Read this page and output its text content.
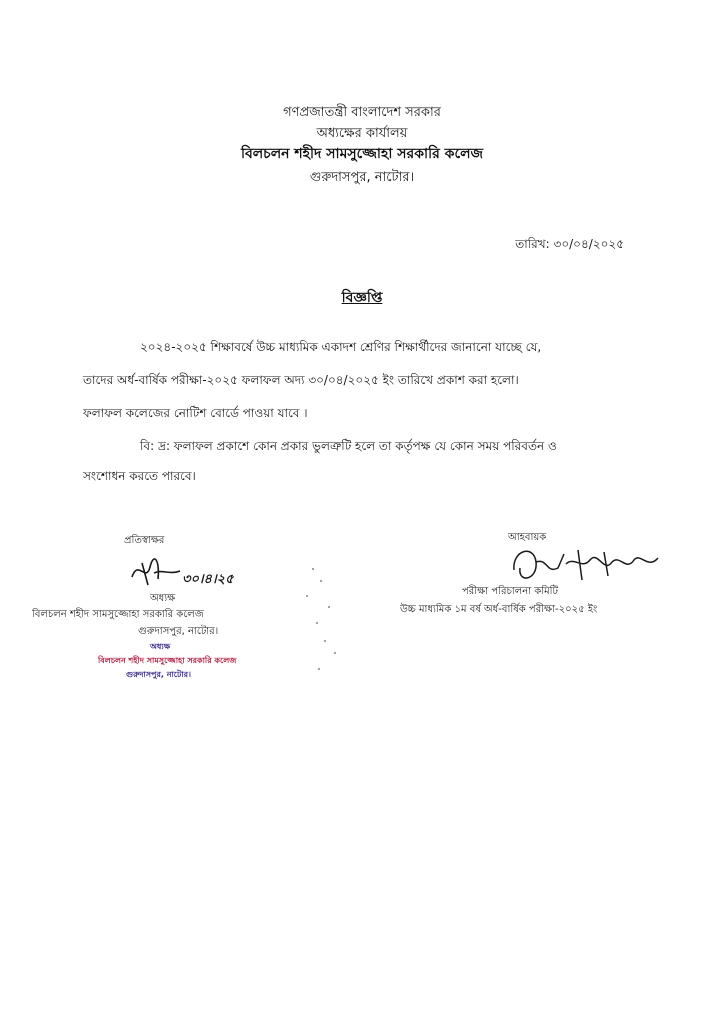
গণপ্রজাতন্ত্রী বাংলাদেশ সরকার
অধ্যক্ষের কার্যালয়
বিলচলন শহীদ সামসুজ্জোহা সরকারি কলেজ
গুরুদাসপুর, নাটোর।
তারিখ: ৩০/০৪/২০২৫
বিজ্ঞপ্তি
২০২৪-২০২৫ শিক্ষাবর্ষে উচ্চ মাধ্যমিক একাদশ শ্রেণির শিক্ষার্থীদের জানানো যাচ্ছে যে,
তাদের অর্ধ-বার্ষিক পরীক্ষা-২০২৫ ফলাফল অদ্য ৩০/০৪/২০২৫ ইং তারিখে প্রকাশ করা হলো।
ফলাফল কলেজের নোটিশ বোর্ডে পাওয়া যাবে ।
বি: দ্র: ফলাফল প্রকাশে কোন প্রকার ভুলত্রুটি হলে তা কর্তৃপক্ষ যে কোন সময় পরিবর্তন ও
সংশোধন করতে পারবে।
প্রতিস্বাক্ষর
৩০।৪।২৫
অধ্যক্ষ
বিলচলন শহীদ সামসুজ্জোহা সরকারি কলেজ
গুরুদাসপুর, নাটোর।
অধ্যক্ষ
বিলচলন শহীদ সামসুজ্জোহা সরকারি কলেজ
গুরুদাসপুর, নাটোর।
আহবায়ক
পরীক্ষা পরিচালনা কমিটি
উচ্চ মাধ্যমিক ১ম বর্ষ অর্ধ-বার্ষিক পরীক্ষা-২০২৫ ইং
